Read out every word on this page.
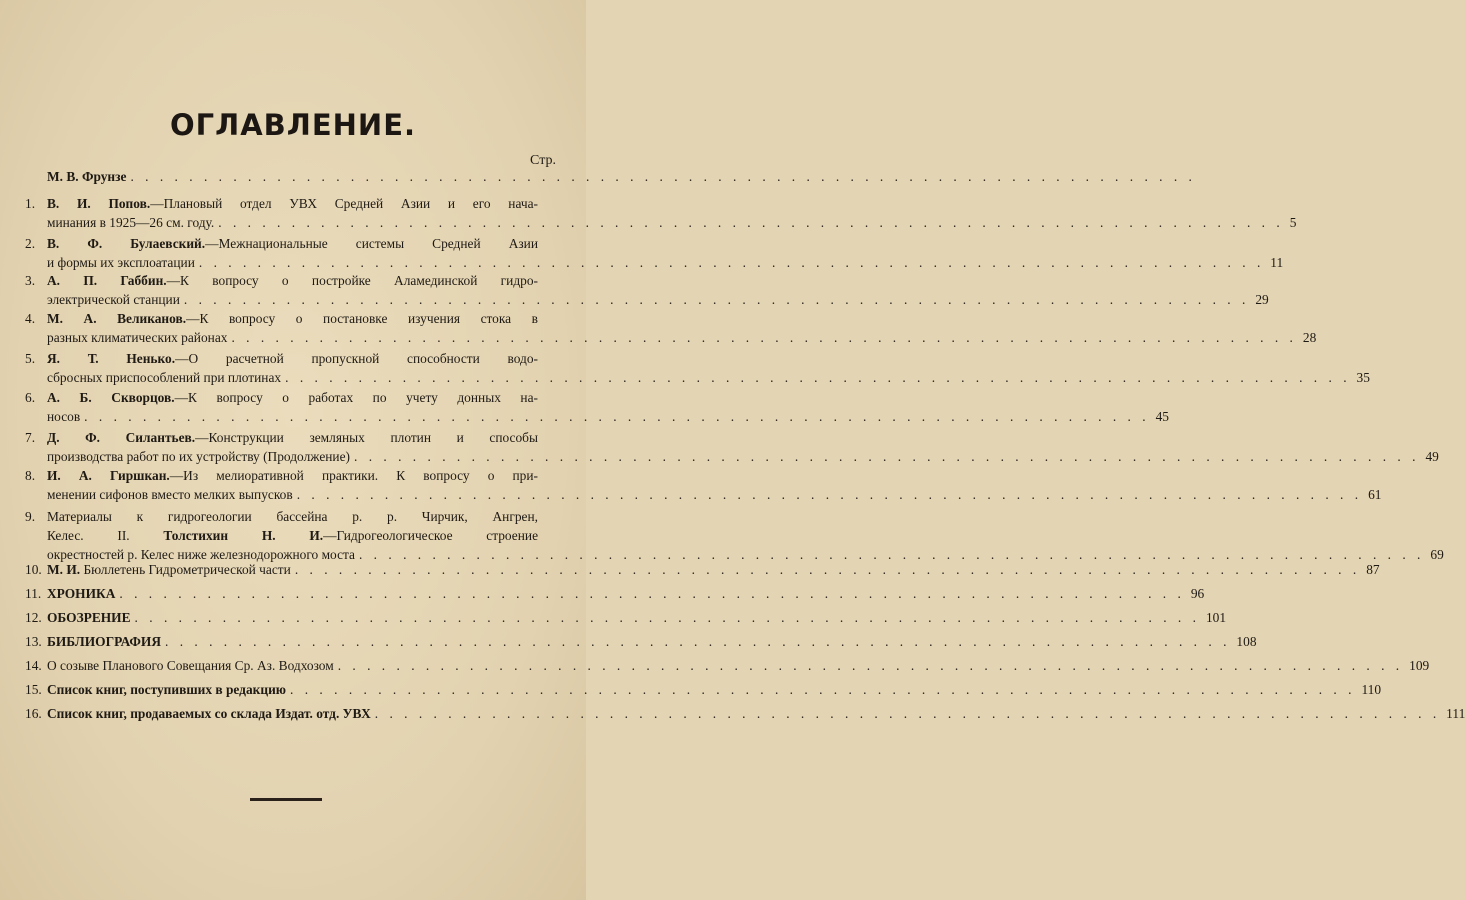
ОГЛАВЛЕНИЕ.
Стр.
М. В. Фрунзе . . . . . . . . . . . . . . . . . . . . . . . . . . . . . . . . . . . . . . . . . . . . . . . . . . . . . . . . . . . . . . . . . . . . . . . . .
1. В. И. Попов.—Плановый отдел УВХ Средней Азии и его нача-
минания в 1925—26 см. году. . . . . . . . . . . . . . . . . . . . . . . . . . . . . . . . . . . . . . . . . . . . . . . . . . . . . . . . . . . . . . . . . . . . . . . . . . 5
2. В. Ф. Булаевский.—Межнациональные системы Средней Азии
и формы их эксплоатации . . . . . . . . . . . . . . . . . . . . . . . . . . . . . . . . . . . . . . . . . . . . . . . . . . . . . . . . . . . . . . . . . . . . . . . . . 11
3. А. П. Габбин.—К вопросу о постройке Аламединской гидро-
электрической станции . . . . . . . . . . . . . . . . . . . . . . . . . . . . . . . . . . . . . . . . . . . . . . . . . . . . . . . . . . . . . . . . . . . . . . . . . 29
4. М. А. Великанов.—К вопросу о постановке изучения стока в
разных климатических районах . . . . . . . . . . . . . . . . . . . . . . . . . . . . . . . . . . . . . . . . . . . . . . . . . . . . . . . . . . . . . . . . . . . . . . . . . 28
5. Я. Т. Ненько.—О расчетной пропускной способности водо-
сбросных приспособлений при плотинах . . . . . . . . . . . . . . . . . . . . . . . . . . . . . . . . . . . . . . . . . . . . . . . . . . . . . . . . . . . . . . . . . . . . . . . . . 35
6. А. Б. Скворцов.—К вопросу о работах по учету донных на-
носов . . . . . . . . . . . . . . . . . . . . . . . . . . . . . . . . . . . . . . . . . . . . . . . . . . . . . . . . . . . . . . . . . . . . . . . . . 45
7. Д. Ф. Силантьев.—Конструкции земляных плотин и способы
производства работ по их устройству (Продолжение) . . . . . . . . . . . . . . . . . . . . . . . . . . . . . . . . . . . . . . . . . . . . . . . . . . . . . . . . . . . . . . . . . . . . . . . . . 49
8. И. А. Гиршкан.—Из мелиоративной практики. К вопросу о при-
менении сифонов вместо мелких выпусков . . . . . . . . . . . . . . . . . . . . . . . . . . . . . . . . . . . . . . . . . . . . . . . . . . . . . . . . . . . . . . . . . . . . . . . . . 61
9. Материалы к гидрогеологии бассейна р. р. Чирчик, Ангрен,
Келес. II. Толстихин Н. И.—Гидрогеологическое строение
окрестностей р. Келес ниже железнодорожного моста . . . . . . . . . . . . . . . . . . . . . . . . . . . . . . . . . . . . . . . . . . . . . . . . . . . . . . . . . . . . . . . . . . . . . . . . . 69
10. М. И. Бюллетень Гидрометрической части . . . . . . . . . . . . . . . . . . . . . . . . . . . . . . . . . . . . . . . . . . . . . . . . . . . . . . . . . . . . . . . . . . . . . . . . . 87
11. ХРОНИКА . . . . . . . . . . . . . . . . . . . . . . . . . . . . . . . . . . . . . . . . . . . . . . . . . . . . . . . . . . . . . . . . . . . . . . . . . 96
12. ОБОЗРЕНИЕ . . . . . . . . . . . . . . . . . . . . . . . . . . . . . . . . . . . . . . . . . . . . . . . . . . . . . . . . . . . . . . . . . . . . . . . . . 101
13. БИБЛИОГРАФИЯ . . . . . . . . . . . . . . . . . . . . . . . . . . . . . . . . . . . . . . . . . . . . . . . . . . . . . . . . . . . . . . . . . . . . . . . . . 108
14. О созыве Планового Совещания Ср. Аз. Водхозом . . . . . . . . . . . . . . . . . . . . . . . . . . . . . . . . . . . . . . . . . . . . . . . . . . . . . . . . . . . . . . . . . . . . . . . . . 109
15. Список книг, поступивших в редакцию . . . . . . . . . . . . . . . . . . . . . . . . . . . . . . . . . . . . . . . . . . . . . . . . . . . . . . . . . . . . . . . . . . . . . . . . . 110
16. Список книг, продаваемых со склада Издат. отд. УВХ . . . . . . . . . . . . . . . . . . . . . . . . . . . . . . . . . . . . . . . . . . . . . . . . . . . . . . . . . . . . . . . . . . . . . . . . . 111
